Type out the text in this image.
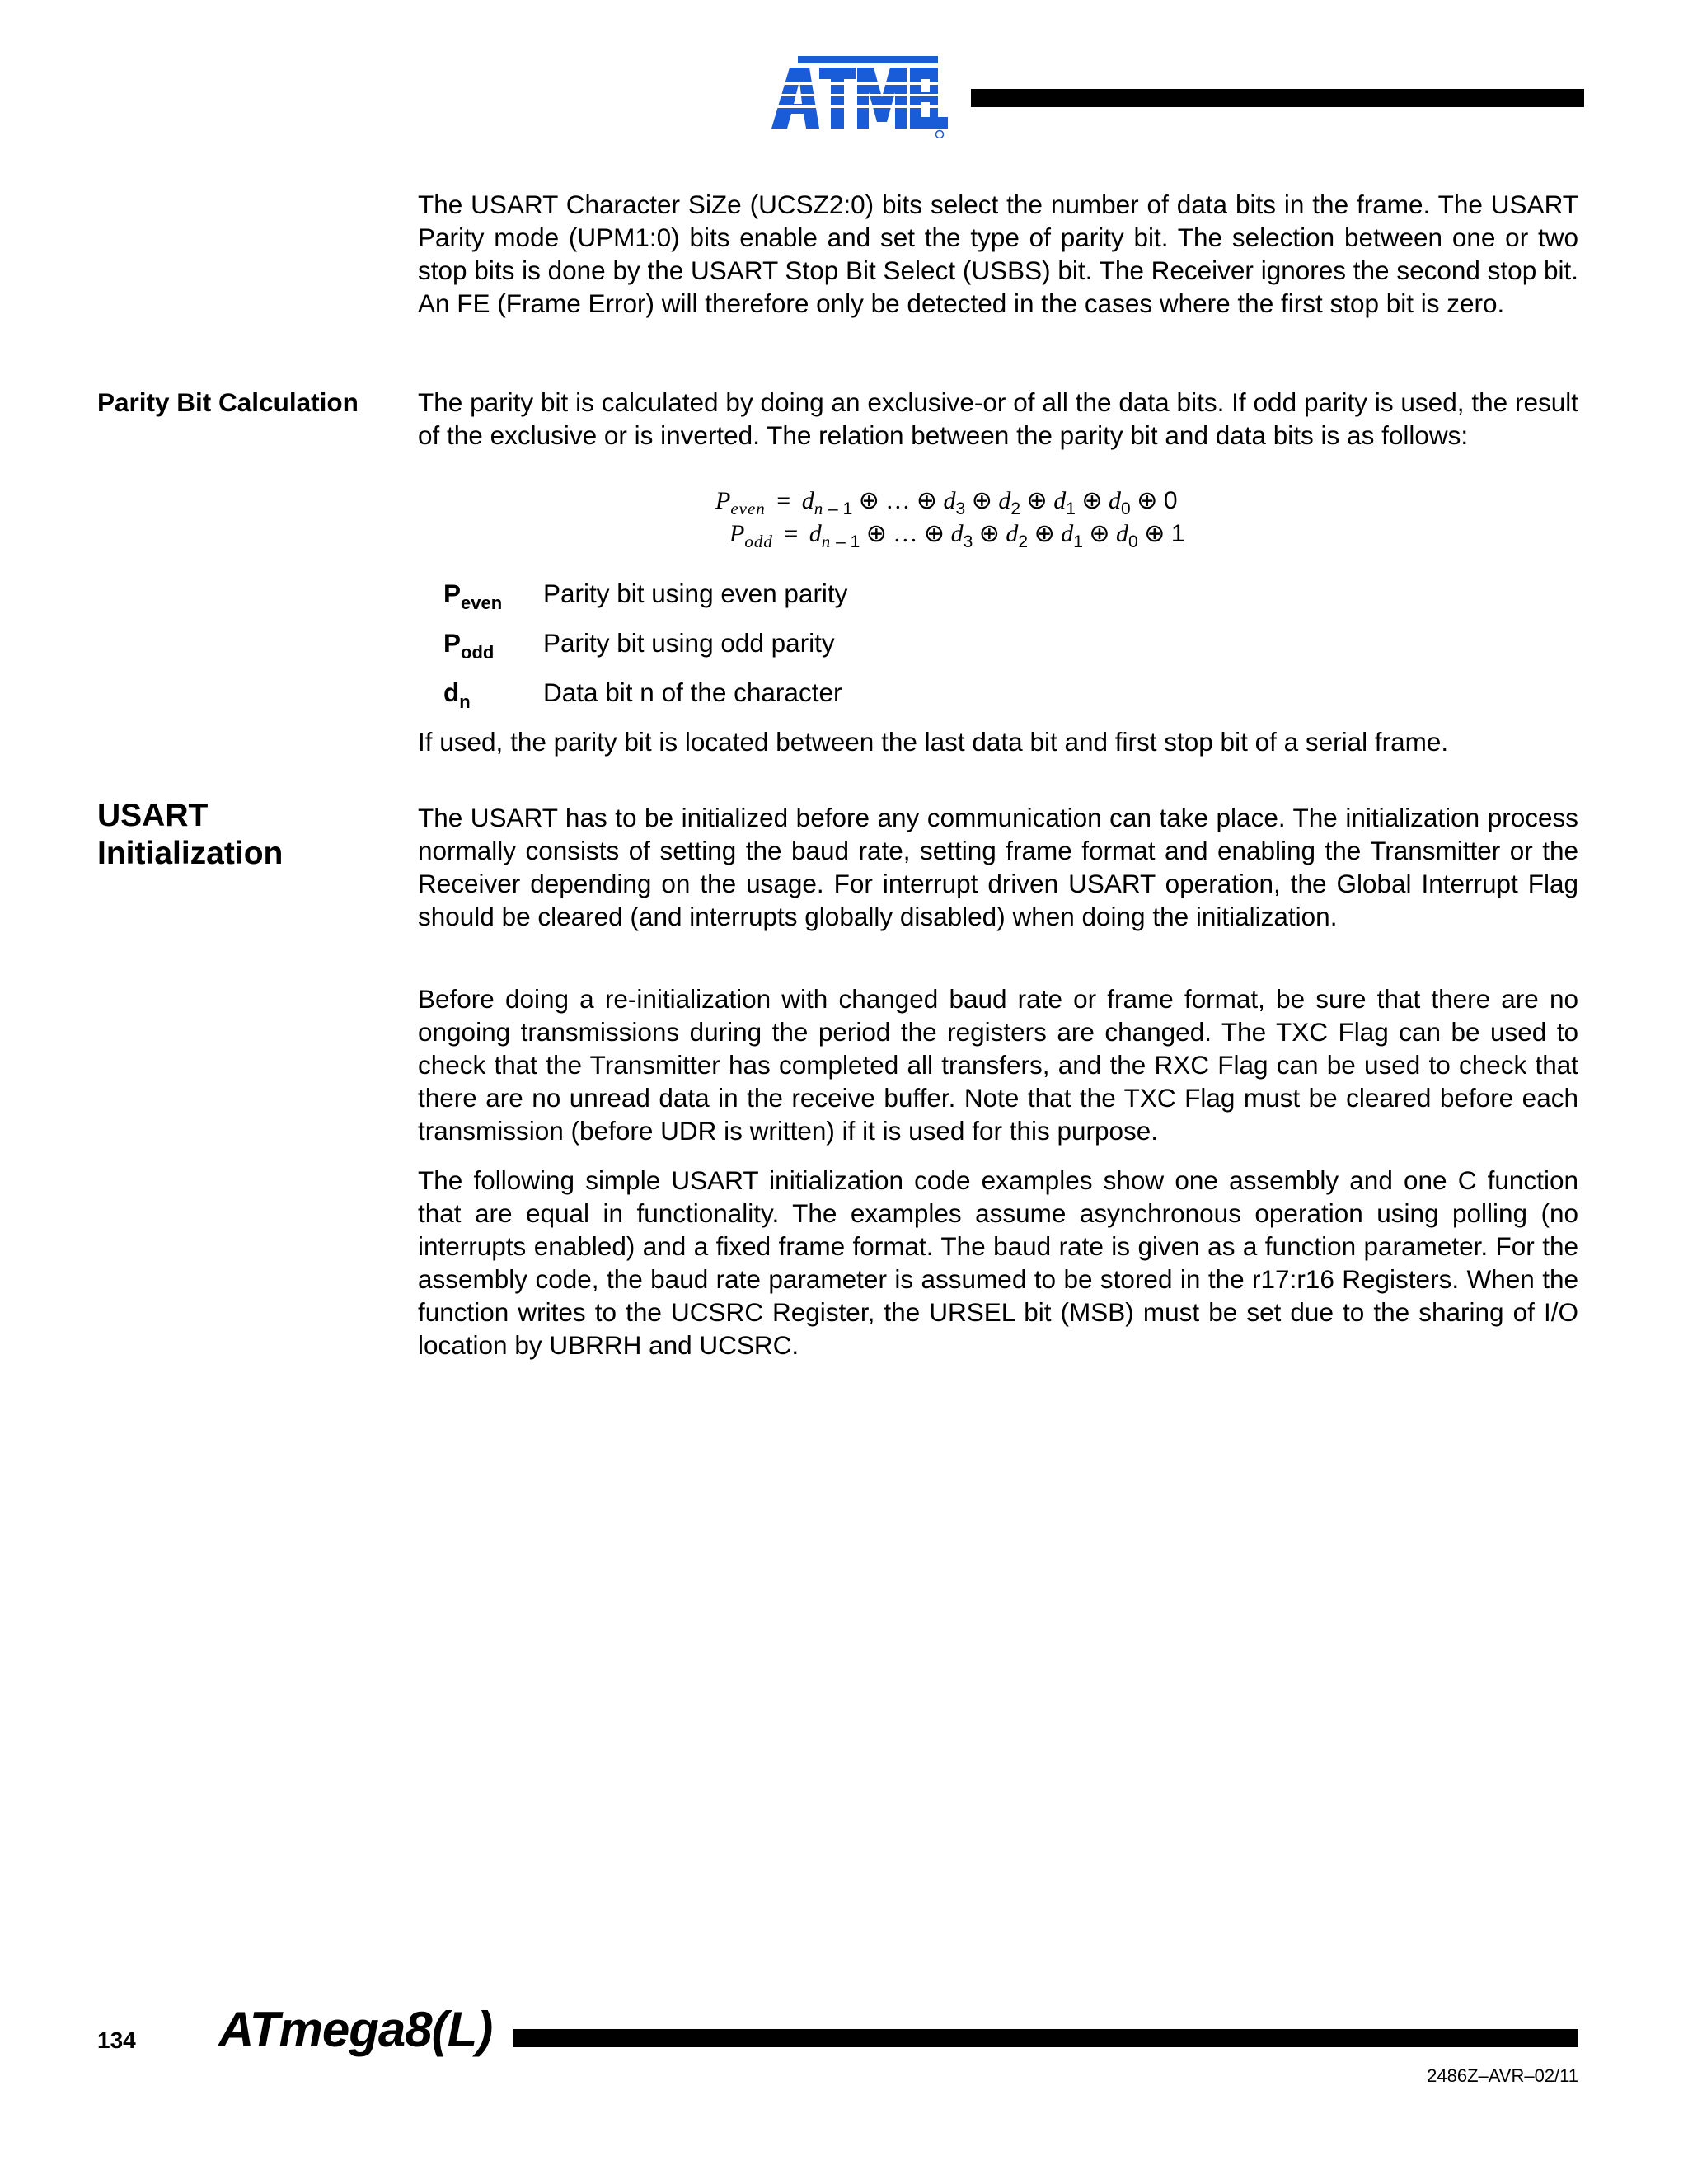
ATMEL

The USART Character SiZe (UCSZ2:0) bits select the number of data bits in the frame. The USART Parity mode (UPM1:0) bits enable and set the type of parity bit. The selection between one or two stop bits is done by the USART Stop Bit Select (USBS) bit. The Receiver ignores the second stop bit. An FE (Frame Error) will therefore only be detected in the cases where the first stop bit is zero.

Parity Bit Calculation The parity bit is calculated by doing an exclusive-or of all the data bits. If odd parity is used, the result of the exclusive or is inverted. The relation between the parity bit and data bits is as follows:

$P_{even} = d_n$ $_{- 1}$ ⊕ … ⊕ $d_3$ ⊕ $d_2$ ⊕ $d_1$ ⊕ $d_0$ ⊕ 0
$P_{odd} = d_n$ $_{- 1}$ ⊕ … ⊕ $d_3$ ⊕ $d_2$ ⊕ $d_1$ ⊕ $d_0$ ⊕ 1
$P_{even}$ Parity bit using even parity
$P_{odd}$ Parity bit using odd parity
$d_n$	Data bit n of the character

If used, the parity bit is located between the last data bit and first stop bit of a serial frame.

USART
Initialization

The USART has to be initialized before any communication can take place. The initialization process normally consists of setting the baud rate, setting frame format and enabling the Transmitter or the Receiver depending on the usage. For interrupt driven USART operation, the Global Interrupt Flag should be cleared (and interrupts globally disabled) when doing the initialization.

Before doing a re-initialization with changed baud rate or frame format, be sure that there are no ongoing transmissions during the period the registers are changed. The TXC Flag can be used to check that the Transmitter has completed all transfers, and the RXC Flag can be used to check that there are no unread data in the receive buffer. Note that the TXC Flag must be cleared before each transmission (before UDR is written) if it is used for this purpose.

The following simple USART initialization code examples show one assembly and one C function that are equal in functionality. The examples assume asynchronous operation using polling (no interrupts enabled) and a fixed frame format. The baud rate is given as a function parameter. For the assembly code, the baud rate parameter is assumed to be stored in the r17:r16 Registers. When the function writes to the UCSRC Register, the URSEL bit (MSB) must be set due to the sharing of I/O location by UBRRH and UCSRC.

134 ATmega8(L)
2486Z–AVR–02/11
